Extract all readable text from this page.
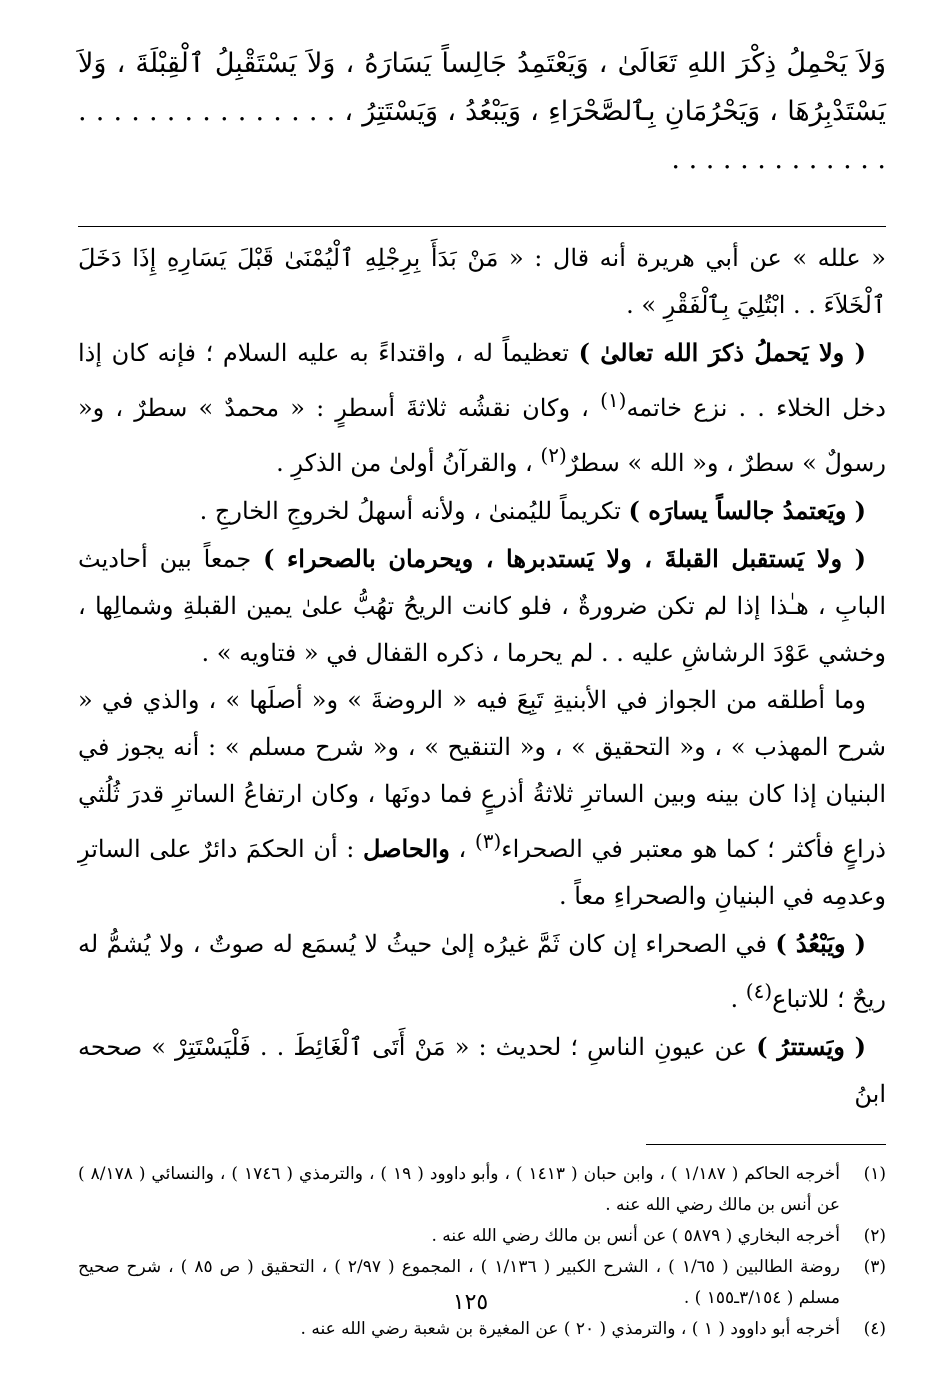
وَلاَ يَحْمِلُ ذِكْرَ اللهِ تَعَالَىٰ ، وَيَعْتَمِدُ جَالِساً يَسَارَهُ ، وَلاَ يَسْتَقْبِلُ ٱلْقِبْلَةَ ، وَلاَ يَسْتَدْبِرُهَا ، وَيَحْرُمَانِ بِٱلصَّحْرَاءِ ، وَيَبْعُدُ ، وَيَسْتَتِرُ ، . . . . . . . . . . . . . . . . . . . . . . . . . . . .

« علله » عن أبي هريرة أنه قال : « مَنْ بَدَأَ بِرِجْلِهِ ٱلْيُمْنَىٰ قَبْلَ يَسَارِهِ إِذَا دَخَلَ ٱلْخَلاَءَ . . ابْتُلِيَ بِٱلْفَقْرِ » .

( ولا يَحملُ ذكرَ الله تعالىٰ ) تعظيماً له ، واقتداءً به عليه السلام ؛ فإنه كان إذا دخل الخلاء . . نزع خاتمه$^{(١)}$ ، وكان نقشُه ثلاثةَ أسطرٍ : « محمدٌ » سطرٌ ، و« رسولٌ » سطرٌ ، و« الله » سطرٌ$^{(٢)}$ ، والقرآنُ أولىٰ من الذكرِ .

( ويَعتمدُ جالساً يسارَه ) تكريماً لليُمنىٰ ، ولأنه أسهلُ لخروجِ الخارجِ .

( ولا يَستقبل القبلةَ ، ولا يَستدبرها ، ويحرمان بالصحراء ) جمعاً بين أحاديث البابِ ، هـٰذا إذا لم تكن ضرورةٌ ، فلو كانت الريحُ تهُبُّ علىٰ يمين القبلةِ وشمالِها ، وخشي عَوْدَ الرشاشِ عليه . . لم يحرما ، ذكره القفال في « فتاويه » .

وما أطلقه من الجواز في الأبنيةِ تَبِعَ فيه « الروضةَ » و« أصلَها » ، والذي في « شرح المهذب » ، و« التحقيق » ، و« التنقيح » ، و« شرح مسلم » : أنه يجوز في البنيان إذا كان بينه وبين الساترِ ثلاثةُ أذرعٍ فما دونَها ، وكان ارتفاعُ الساترِ قدرَ ثُلُثي ذراعٍ فأكثر ؛ كما هو معتبر في الصحراء$^{(٣)}$ ، والحاصل : أن الحكمَ دائرٌ على الساترِ وعدمِه في البنيانِ والصحراءِ معاً .

( ويَبْعُدُ ) في الصحراء إن كان ثَمَّ غيرُه إلىٰ حيثُ لا يُسمَع له صوتٌ ، ولا يُشمُّ له ريحٌ ؛ للاتباع$^{(٤)}$ .

( ويَستترُ ) عن عيونِ الناسِ ؛ لحديث : « مَنْ أَتَى ٱلْغَائِطَ . . فَلْيَسْتَتِرْ » صححه ابنُ

(١)
أخرجه الحاكم ( ١/١٨٧ ) ، وابن حبان ( ١٤١٣ ) ، وأبو داوود ( ١٩ ) ، والترمذي ( ١٧٤٦ ) ، والنسائي ( ٨/١٧٨ ) عن أنس بن مالك رضي الله عنه .
(٢)
أخرجه البخاري ( ٥٨٧٩ ) عن أنس بن مالك رضي الله عنه .
(٣)
روضة الطالبين ( ١/٦٥ ) ، الشرح الكبير ( ١/١٣٦ ) ، المجموع ( ٢/٩٧ ) ، التحقيق ( ص ٨٥ ) ، شرح صحيح مسلم ( ٣/١٥٤ـ١٥٥ ) .
(٤)
أخرجه أبو داوود ( ١ ) ، والترمذي ( ٢٠ ) عن المغيرة بن شعبة رضي الله عنه .
١٢٥
